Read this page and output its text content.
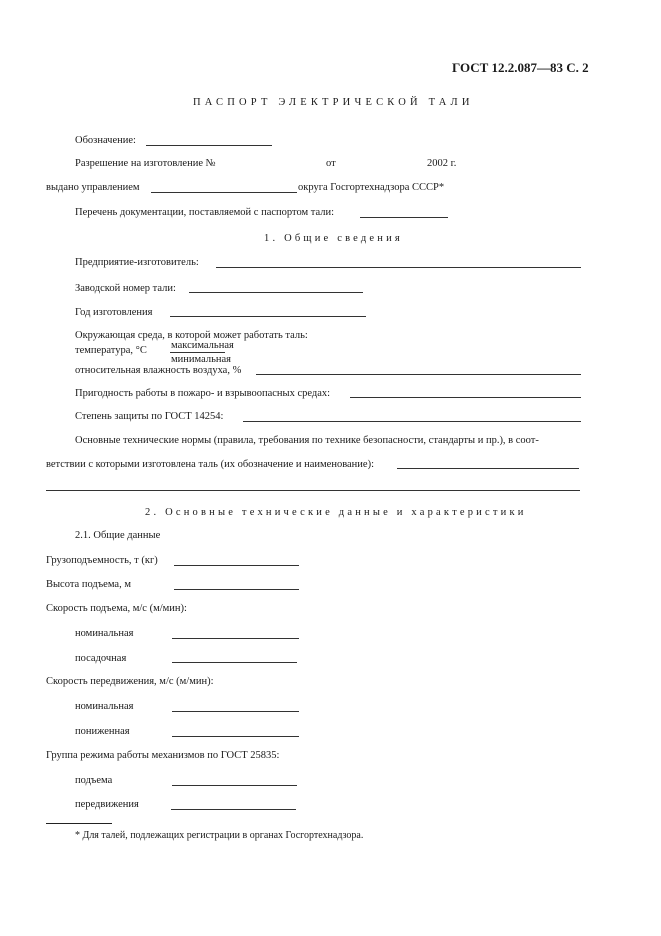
ГОСТ 12.2.087—83 С. 2
ПАСПОРТ ЭЛЕКТРИЧЕСКОЙ ТАЛИ
Обозначение:
Разрешение на изготовление №	от	2002 г.
выдано управлением	округа Госгортехнадзора СССР*
Перечень документации, поставляемой с паспортом тали:
1. Общие сведения
Предприятие-изготовитель:
Заводской номер тали:
Год изготовления
Окружающая среда, в которой может работать таль:
температура, °С максимальная
минимальная
относительная влажность воздуха, %
Пригодность работы в пожаро- и взрывоопасных средах:
Степень защиты по ГОСТ 14254:
Основные технические нормы (правила, требования по технике безопасности, стандарты и пр.), в соот-
ветствии с которыми изготовлена таль (их обозначение и наименование):
2. Основные технические данные и характеристики
2.1. Общие данные
Грузоподъемность, т (кг)
Высота подъема, м
Скорость подъема, м/с (м/мин):
номинальная
посадочная
Скорость передвижения, м/с (м/мин):
номинальная
пониженная
Группа режима работы механизмов по ГОСТ 25835:
подъема
передвижения
* Для талей, подлежащих регистрации в органах Госгортехнадзора.
